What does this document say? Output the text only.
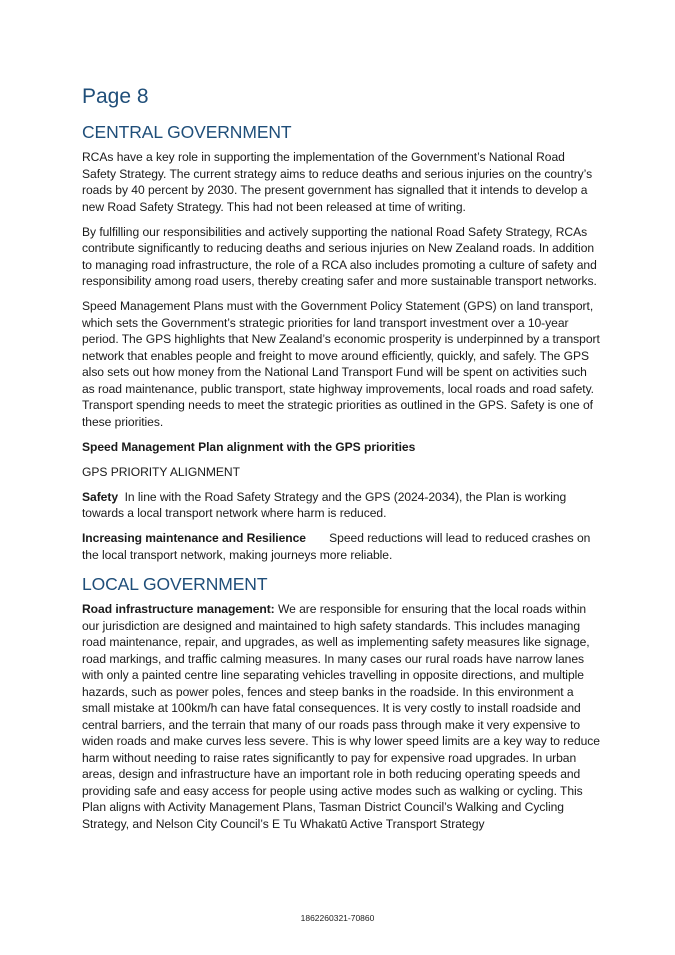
Page 8
CENTRAL GOVERNMENT

RCAs have a key role in supporting the implementation of the Government’s National Road Safety Strategy. The current strategy aims to reduce deaths and serious injuries on the country’s roads by 40 percent by 2030. The present government has signalled that it intends to develop a new Road Safety Strategy. This had not been released at time of writing.

By fulfilling our responsibilities and actively supporting the national Road Safety Strategy, RCAs contribute significantly to reducing deaths and serious injuries on New Zealand roads. In addition to managing road infrastructure, the role of a RCA also includes promoting a culture of safety and responsibility among road users, thereby creating safer and more sustainable transport networks.

Speed Management Plans must with the Government Policy Statement (GPS) on land transport, which sets the Government’s strategic priorities for land transport investment over a 10-year period. The GPS highlights that New Zealand’s economic prosperity is underpinned by a transport network that enables people and freight to move around efficiently, quickly, and safely. The GPS also sets out how money from the National Land Transport Fund will be spent on activities such as road maintenance, public transport, state highway improvements, local roads and road safety. Transport spending needs to meet the strategic priorities as outlined in the GPS. Safety is one of these priorities.

Speed Management Plan alignment with the GPS priorities

GPS PRIORITY ALIGNMENT

Safety  In line with the Road Safety Strategy and the GPS (2024-2034), the Plan is working towards a local transport network where harm is reduced.

Increasing maintenance and Resilience       Speed reductions will lead to reduced crashes on the local transport network, making journeys more reliable.

LOCAL GOVERNMENT

Road infrastructure management: We are responsible for ensuring that the local roads within our jurisdiction are designed and maintained to high safety standards. This includes managing road maintenance, repair, and upgrades, as well as implementing safety measures like signage, road markings, and traffic calming measures. In many cases our rural roads have narrow lanes with only a painted centre line separating vehicles travelling in opposite directions, and multiple hazards, such as power poles, fences and steep banks in the roadside. In this environment a small mistake at 100km/h can have fatal consequences. It is very costly to install roadside and central barriers, and the terrain that many of our roads pass through make it very expensive to widen roads and make curves less severe. This is why lower speed limits are a key way to reduce harm without needing to raise rates significantly to pay for expensive road upgrades. In urban areas, design and infrastructure have an important role in both reducing operating speeds and providing safe and easy access for people using active modes such as walking or cycling. This Plan aligns with Activity Management Plans, Tasman District Council’s Walking and Cycling Strategy, and Nelson City Council’s E Tu Whakatū Active Transport Strategy

1862260321-70860
